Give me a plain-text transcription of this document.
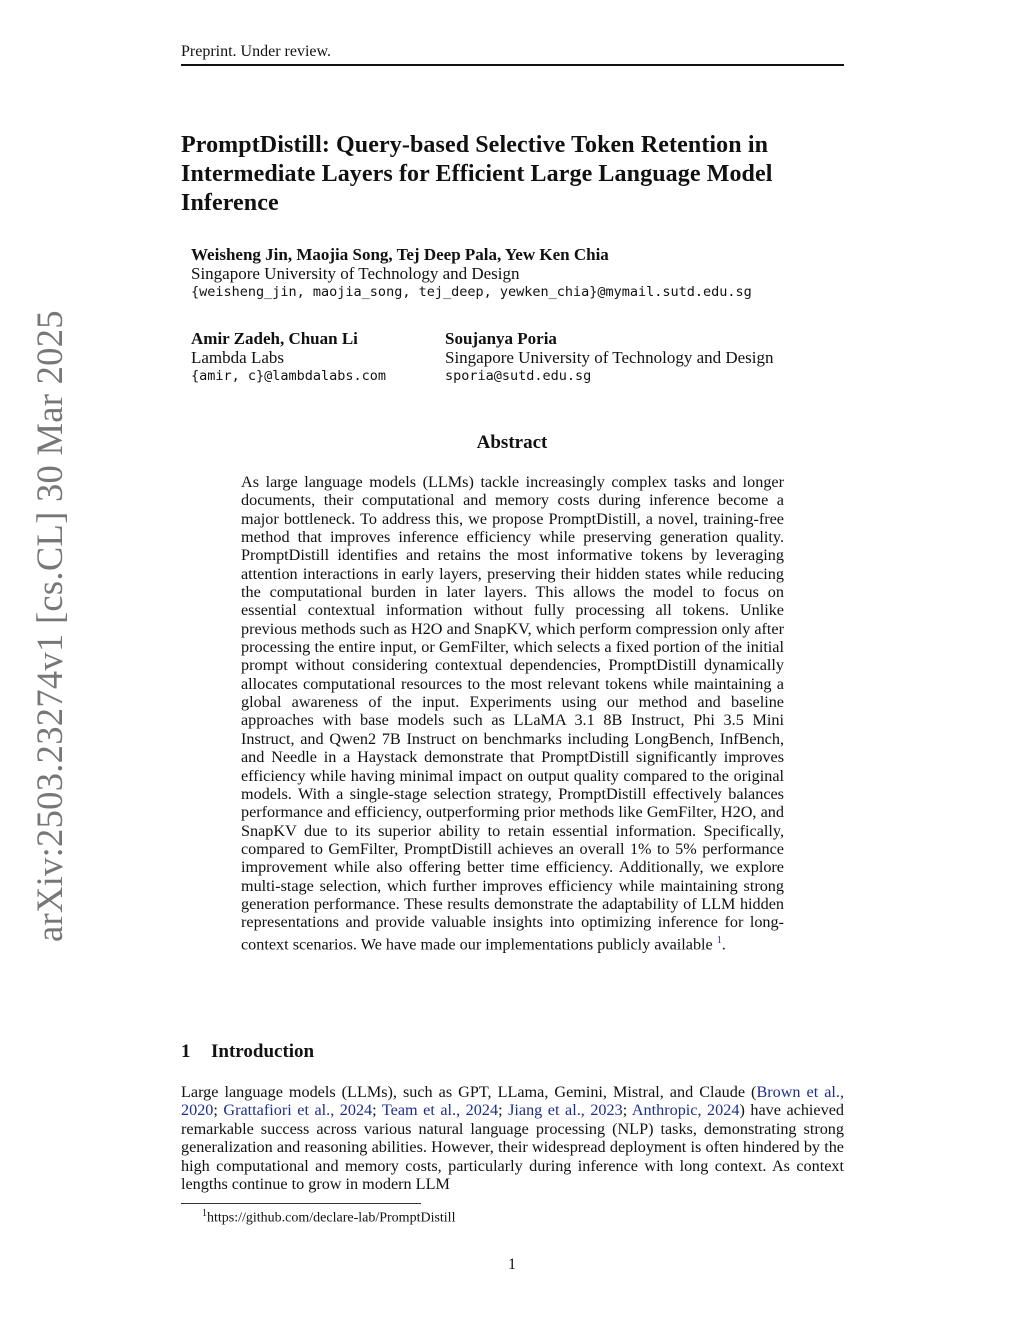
Preprint. Under review.
PromptDistill: Query-based Selective Token Retention in Intermediate Layers for Efficient Large Language Model Inference
Weisheng Jin, Maojia Song, Tej Deep Pala, Yew Ken Chia
Singapore University of Technology and Design
{weisheng_jin, maojia_song, tej_deep, yewken_chia}@mymail.sutd.edu.sg
Amir Zadeh, Chuan Li
Lambda Labs
{amir, c}@lambdalabs.com
Soujanya Poria
Singapore University of Technology and Design
sporia@sutd.edu.sg
arXiv:2503.23274v1 [cs.CL] 30 Mar 2025	Abstract
As large language models (LLMs) tackle increasingly complex tasks and longer documents, their computational and memory costs during inference become a major bottleneck. To address this, we propose PromptDistill, a novel, training-free method that improves inference efficiency while preserving generation quality. PromptDistill identifies and retains the most informative tokens by leveraging attention interactions in early layers, preserving their hidden states while reducing the computational burden in later layers. This allows the model to focus on essential contextual information without fully processing all tokens. Unlike previous methods such as H2O and SnapKV, which perform compression only after processing the entire input, or GemFilter, which selects a fixed portion of the initial prompt without considering contextual dependencies, PromptDistill dynamically allocates computational resources to the most relevant tokens while maintaining a global awareness of the input. Experiments using our method and baseline approaches with base models such as LLaMA 3.1 8B Instruct, Phi 3.5 Mini Instruct, and Qwen2 7B Instruct on benchmarks including LongBench, InfBench, and Needle in a Haystack demonstrate that PromptDistill significantly improves efficiency while having minimal impact on output quality compared to the original models. With a single-stage selection strategy, PromptDistill effectively balances performance and efficiency, outperforming prior methods like GemFilter, H2O, and SnapKV due to its superior ability to retain essential information. Specifically, compared to GemFilter, PromptDistill achieves an overall 1% to 5% performance improvement while also offering better time efficiency. Additionally, we explore multi-stage selection, which further improves efficiency while maintaining strong generation performance. These results demonstrate the adaptability of LLM hidden representations and provide valuable insights into optimizing inference for long-context scenarios. We have made our implementations publicly available $^1$.
1 Introduction
Large language models (LLMs), such as GPT, LLama, Gemini, Mistral, and Claude (Brown et al., 2020; Grattafiori et al., 2024; Team et al., 2024; Jiang et al., 2023; Anthropic, 2024) have achieved remarkable success across various natural language processing (NLP) tasks, demonstrating strong generalization and reasoning abilities. However, their widespread deployment is often hindered by the high computational and memory costs, particularly during inference with long context. As context lengths continue to grow in modern LLM
$^1$https://github.com/declare-lab/PromptDistill
1
